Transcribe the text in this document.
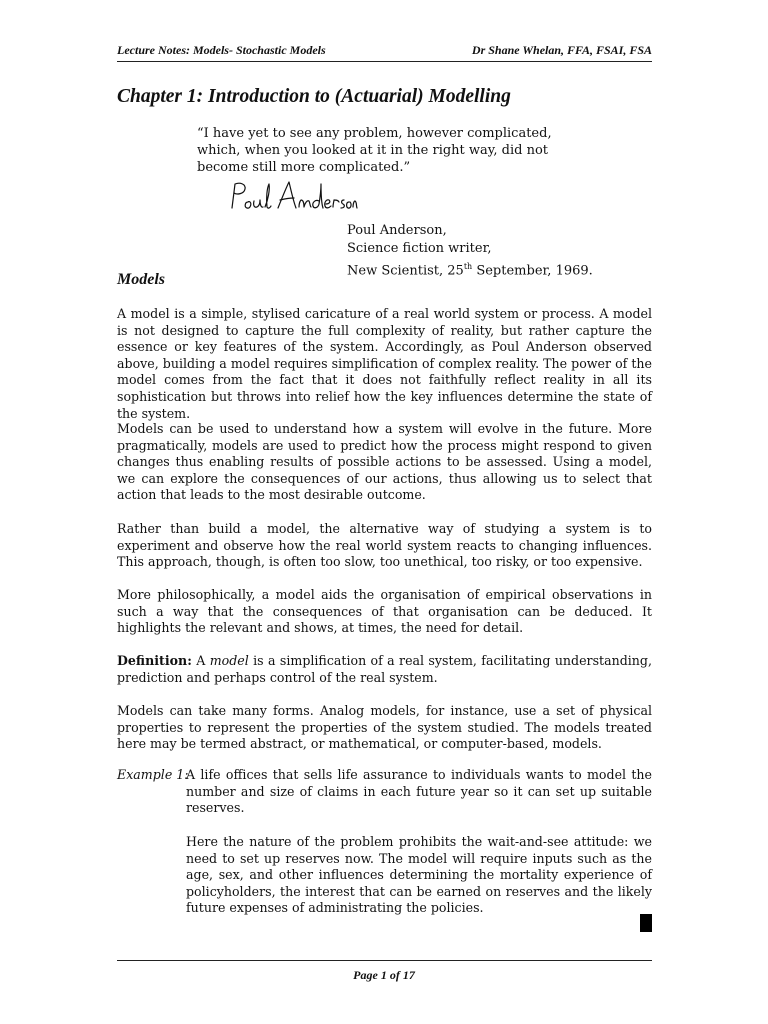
Lecture Notes: Models- Stochastic Models	Dr Shane Whelan, FFA, FSAI, FSA
Chapter 1: Introduction to (Actuarial) Modelling

“I have yet to see any problem, however complicated, which, when you looked at it in the right way, did not become still more complicated.”

Poul Anderson,
Science fiction writer,
New Scientist, 25th September, 1969.
Models

A model is a simple, stylised caricature of a real world system or process. A model is not designed to capture the full complexity of reality, but rather capture the essence or key features of the system. Accordingly, as Poul Anderson observed above, building a model requires simplification of complex reality. The power of the model comes from the fact that it does not faithfully reflect reality in all its sophistication but throws into relief how the key influences determine the state of the system.

Models can be used to understand how a system will evolve in the future. More pragmatically, models are used to predict how the process might respond to given changes thus enabling results of possible actions to be assessed. Using a model, we can explore the consequences of our actions, thus allowing us to select that action that leads to the most desirable outcome.

Rather than build a model, the alternative way of studying a system is to experiment and observe how the real world system reacts to changing influences. This approach, though, is often too slow, too unethical, too risky, or too expensive.

More philosophically, a model aids the organisation of empirical observations in such a way that the consequences of that organisation can be deduced. It highlights the relevant and shows, at times, the need for detail.

Definition: A model is a simplification of a real system, facilitating understanding, prediction and perhaps control of the real system.

Models can take many forms. Analog models, for instance, use a set of physical properties to represent the properties of the system studied. The models treated here may be termed abstract, or mathematical, or computer-based, models.

Example 1:

A life offices that sells life assurance to individuals wants to model the number and size of claims in each future year so it can set up suitable reserves.

Here the nature of the problem prohibits the wait-and-see attitude: we need to set up reserves now. The model will require inputs such as the age, sex, and other influences determining the mortality experience of policyholders, the interest that can be earned on reserves and the likely future expenses of administrating the policies.

Page 1 of 17
